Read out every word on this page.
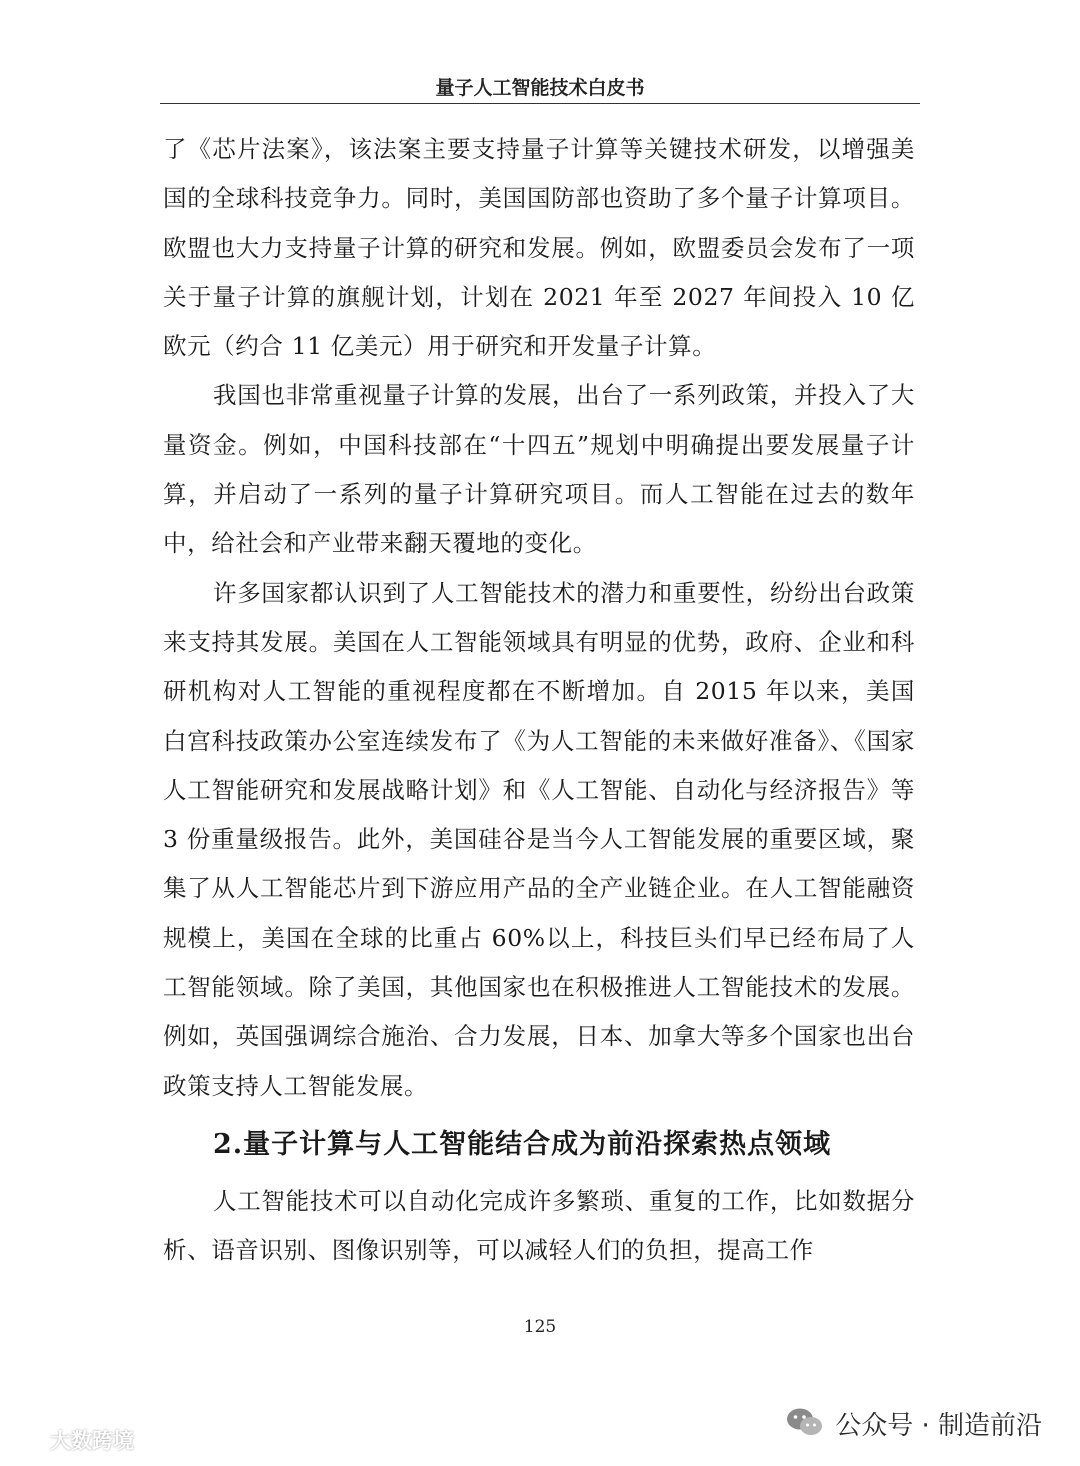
量子人工智能技术白皮书

了《芯片法案》，该法案主要支持量子计算等关键技术研发，以增强美国的全球科技竞争力。同时，美国国防部也资助了多个量子计算项目。欧盟也大力支持量子计算的研究和发展。例如，欧盟委员会发布了一项关于量子计算的旗舰计划，计划在 2021 年至 2027 年间投入 10 亿欧元（约合 11 亿美元）用于研究和开发量子计算。

我国也非常重视量子计算的发展，出台了一系列政策，并投入了大量资金。例如，中国科技部在“十四五”规划中明确提出要发展量子计算，并启动了一系列的量子计算研究项目。而人工智能在过去的数年中，给社会和产业带来翻天覆地的变化。

许多国家都认识到了人工智能技术的潜力和重要性，纷纷出台政策来支持其发展。美国在人工智能领域具有明显的优势，政府、企业和科研机构对人工智能的重视程度都在不断增加。自 2015 年以来，美国白宫科技政策办公室连续发布了《为人工智能的未来做好准备》、《国家人工智能研究和发展战略计划》和《人工智能、自动化与经济报告》等 3 份重量级报告。此外，美国硅谷是当今人工智能发展的重要区域，聚集了从人工智能芯片到下游应用产品的全产业链企业。在人工智能融资规模上，美国在全球的比重占 60%以上，科技巨头们早已经布局了人工智能领域。除了美国，其他国家也在积极推进人工智能技术的发展。例如，英国强调综合施治、合力发展，日本、加拿大等多个国家也出台政策支持人工智能发展。

2.量子计算与人工智能结合成为前沿探索热点领域

人工智能技术可以自动化完成许多繁琐、重复的工作，比如数据分析、语音识别、图像识别等，可以减轻人们的负担，提高工作

125
大数跨境
公众号 · 制造前沿
